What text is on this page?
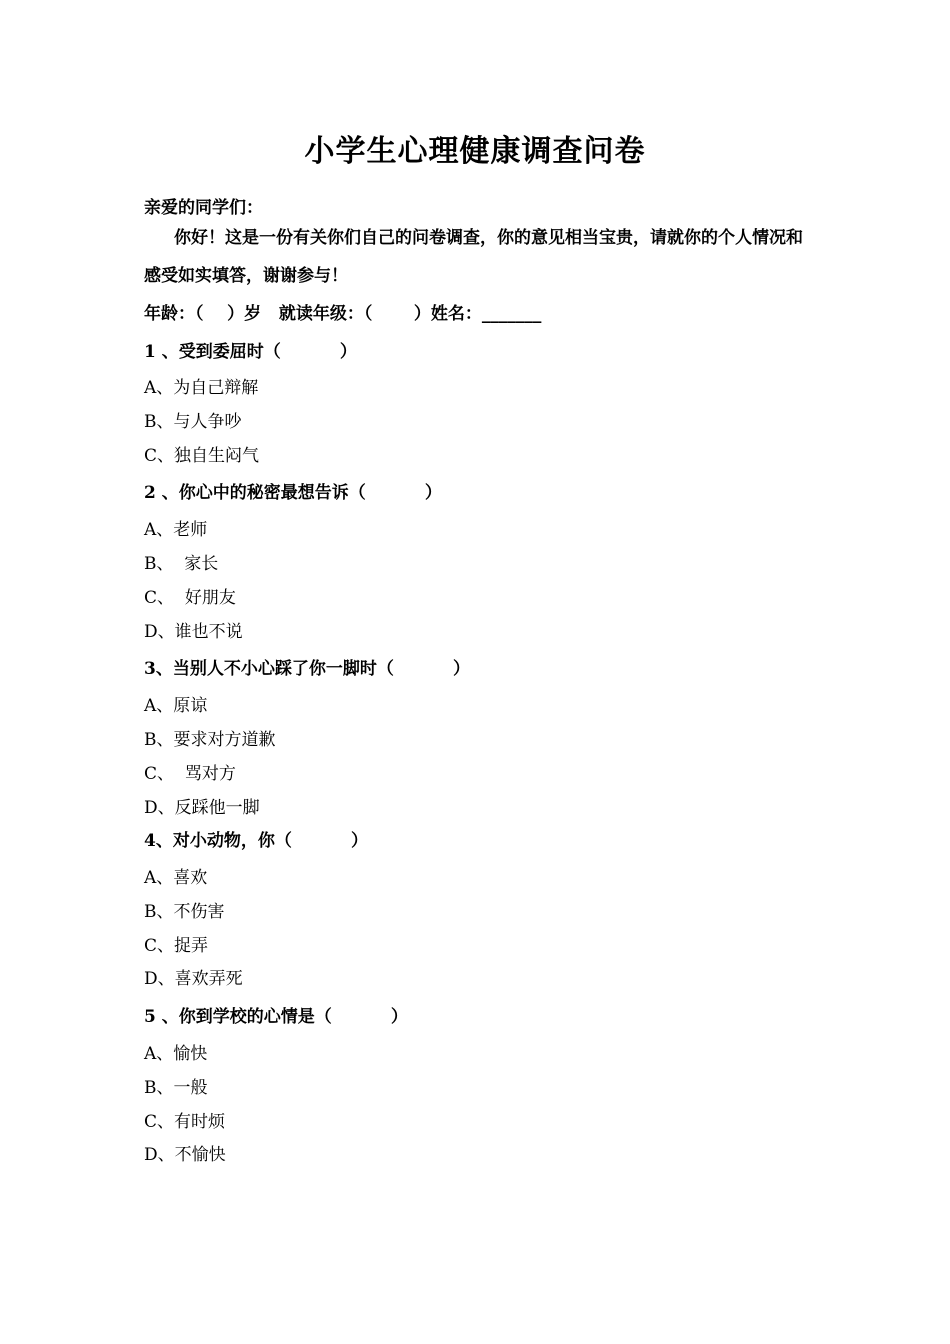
小学生心理健康调查问卷
亲爱的同学们：
你好！这是一份有关你们自己的问卷调查，你的意见相当宝贵，请就你的个人情况和感受如实填答，谢谢参与！
年龄：（    ）岁   就读年级：（       ）姓名：_______
1 、受到委屈时（          ）
A、为自己辩解
B、与人争吵
C、独自生闷气
2 、你心中的秘密最想告诉（          ）
A、老师
B、  家长
C、  好朋友
D、谁也不说
3、当别人不小心踩了你一脚时（          ）
A、原谅
B、要求对方道歉
C、  骂对方
D、反踩他一脚
4、对小动物，你（          ）
A、喜欢
B、不伤害
C、捉弄
D、喜欢弄死
5 、你到学校的心情是（          ）
A、愉快
B、一般
C、有时烦
D、不愉快
